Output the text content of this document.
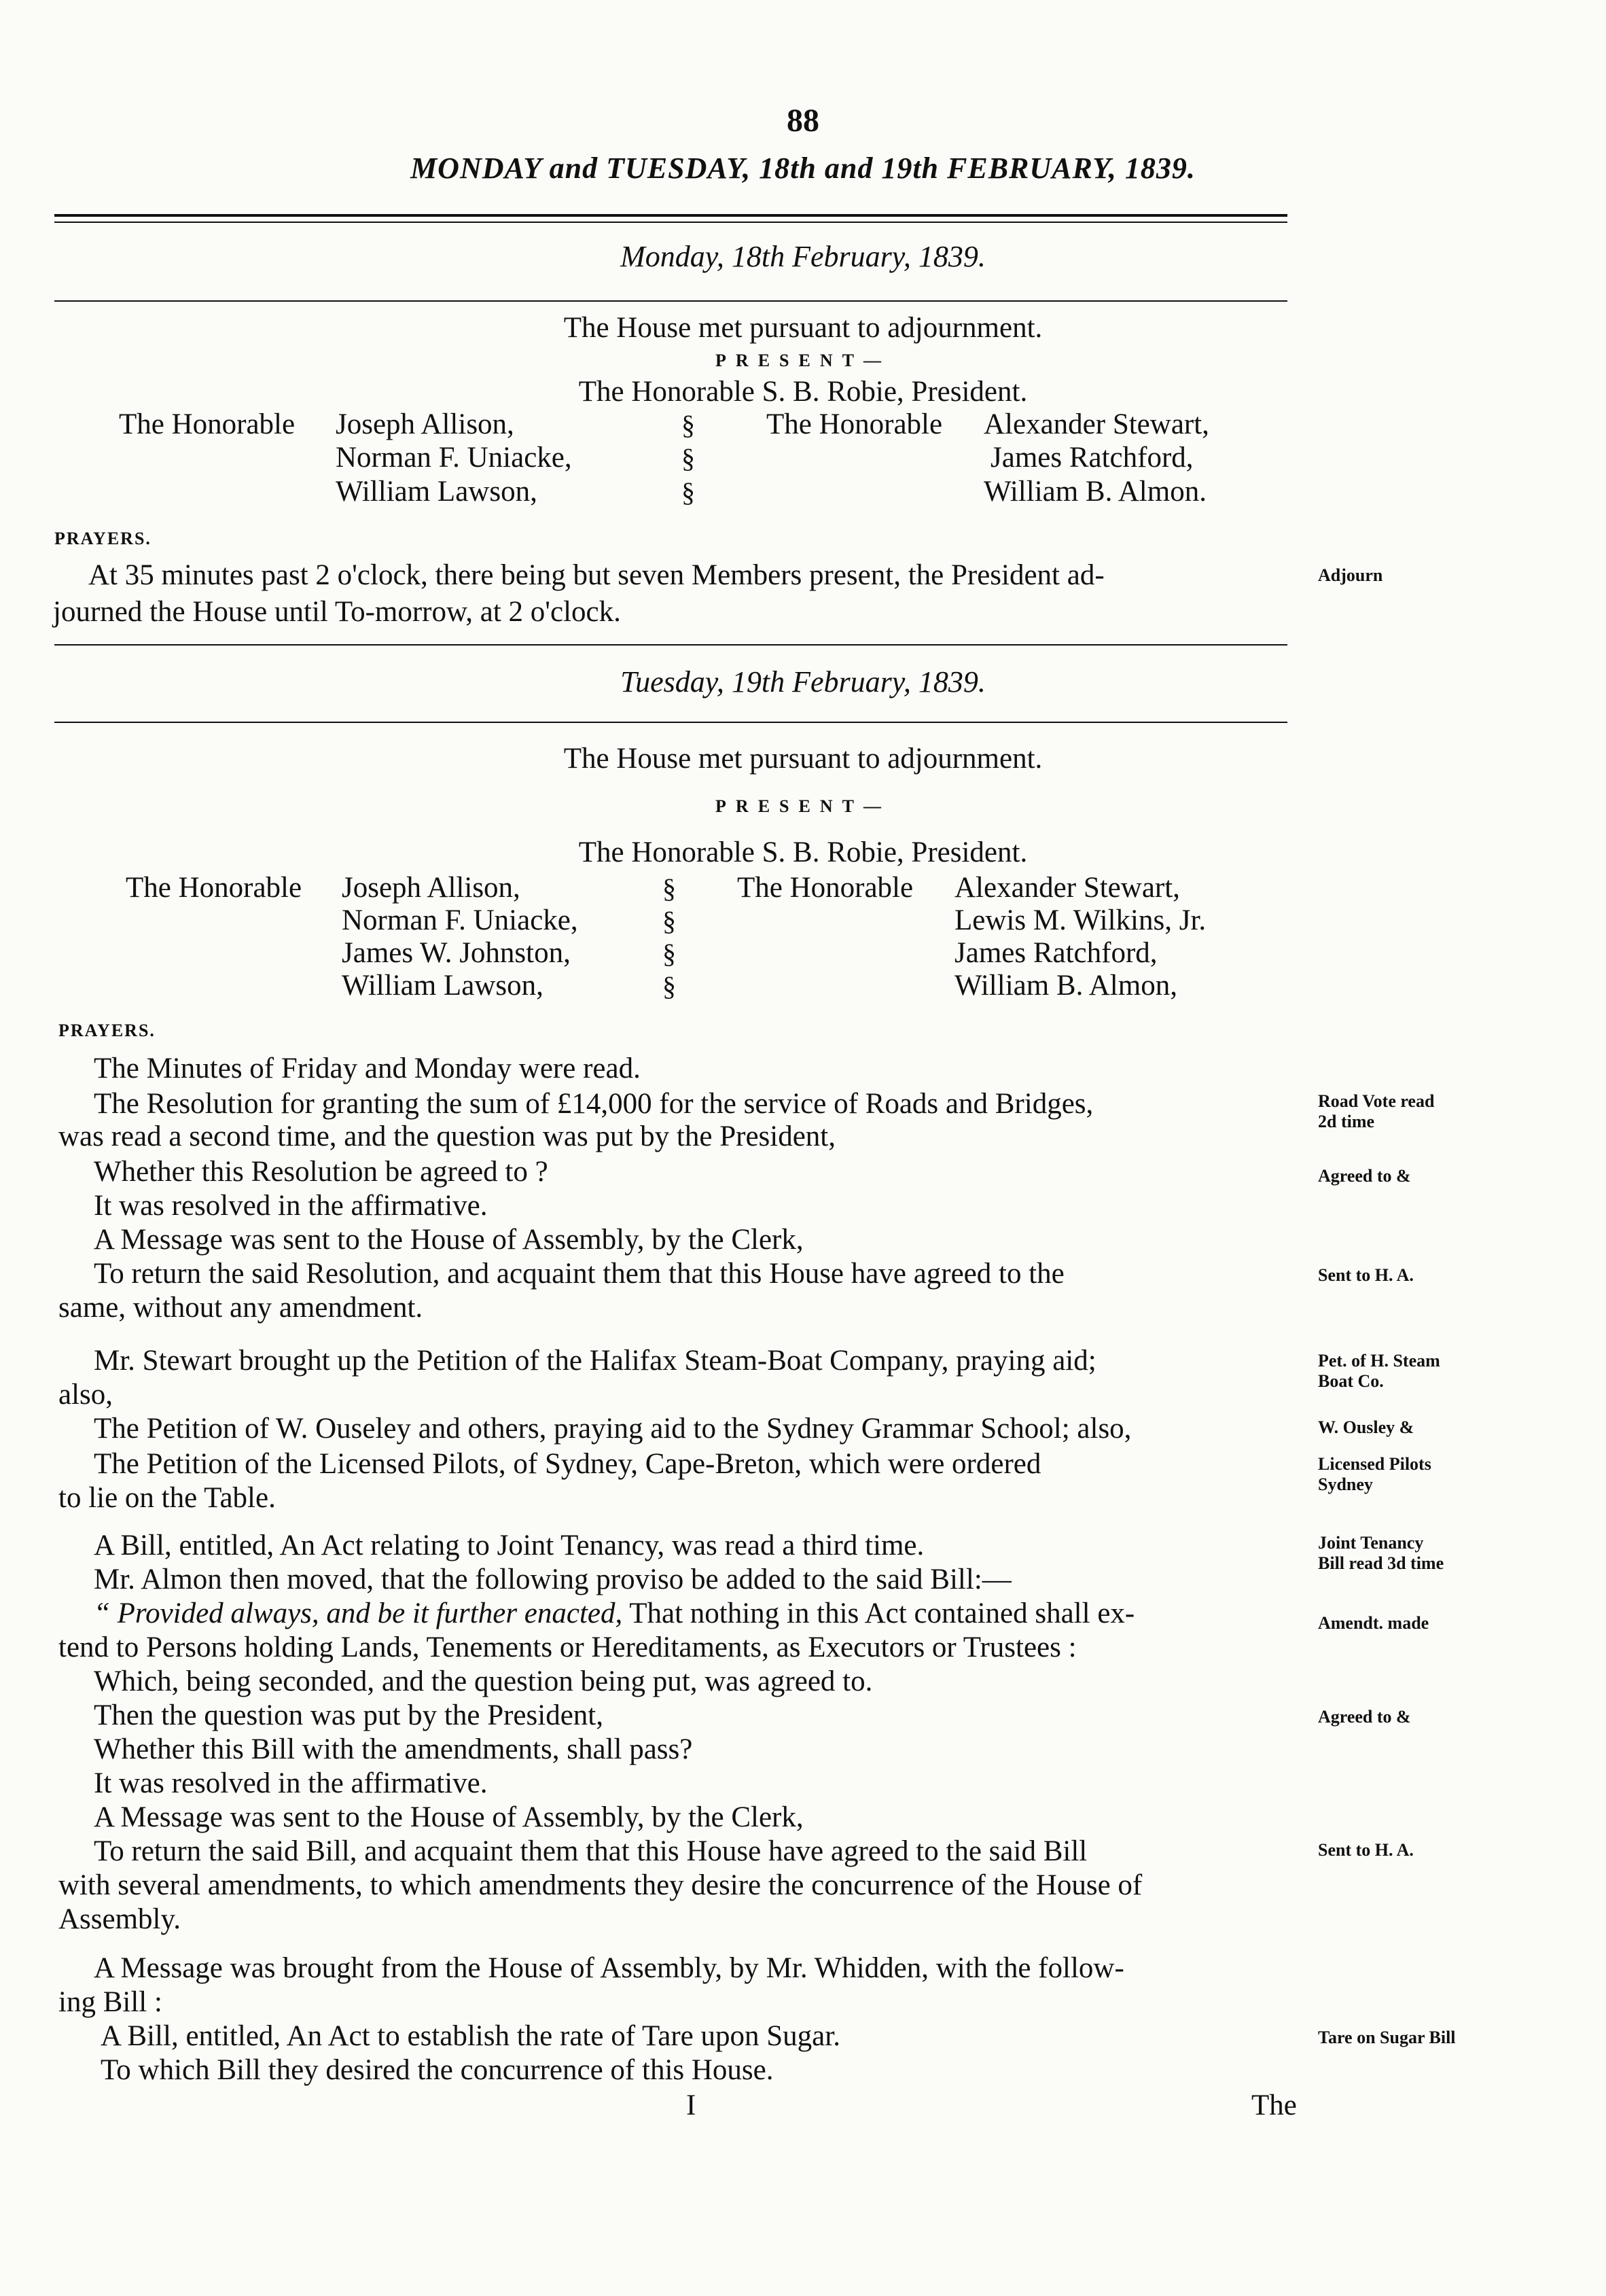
88
MONDAY and TUESDAY, 18th and 19th FEBRUARY, 1839.
Monday, 18th February, 1839.
The House met pursuant to adjournment.
PRESENT—
The Honorable S. B. Robie, President.
The Honorable Joseph Allison,
Norman F. Uniacke,
William Lawson,
§
§
§
The Honorable Alexander Stewart,
James Ratchford,
William B. Almon.
PRAYERS.
At 35 minutes past 2 o'clock, there being but seven Members present, the President ad-
journed the House until To-morrow, at 2 o'clock.
Adjourn
Tuesday, 19th February, 1839.
The House met pursuant to adjournment.
PRESENT—
The Honorable S. B. Robie, President.
The Honorable Joseph Allison,
Norman F. Uniacke,
James W. Johnston,
William Lawson,
§
§
§
§
The Honorable Alexander Stewart,
Lewis M. Wilkins, Jr.
James Ratchford,
William B. Almon,
PRAYERS.
The Minutes of Friday and Monday were read.
The Resolution for granting the sum of £14,000 for the service of Roads and Bridges,
was read a second time, and the question was put by the President,
Whether this Resolution be agreed to ?
It was resolved in the affirmative.
A Message was sent to the House of Assembly, by the Clerk,
To return the said Resolution, and acquaint them that this House have agreed to the
same, without any amendment.
Mr. Stewart brought up the Petition of the Halifax Steam-Boat Company, praying aid;
also,
The Petition of W. Ouseley and others, praying aid to the Sydney Grammar School; also,
The Petition of the Licensed Pilots, of Sydney, Cape-Breton, which were ordered
to lie on the Table.
A Bill, entitled, An Act relating to Joint Tenancy, was read a third time.
Mr. Almon then moved, that the following proviso be added to the said Bill:—
“ Provided always, and be it further enacted, That nothing in this Act contained shall ex-
tend to Persons holding Lands, Tenements or Hereditaments, as Executors or Trustees :
Which, being seconded, and the question being put, was agreed to.
Then the question was put by the President,
Whether this Bill with the amendments, shall pass?
It was resolved in the affirmative.
A Message was sent to the House of Assembly, by the Clerk,
To return the said Bill, and acquaint them that this House have agreed to the said Bill
with several amendments, to which amendments they desire the concurrence of the House of
Assembly.
A Message was brought from the House of Assembly, by Mr. Whidden, with the follow-
ing Bill :
A Bill, entitled, An Act to establish the rate of Tare upon Sugar.
To which Bill they desired the concurrence of this House.
Road Vote read
2d time
Agreed to &
Sent to H. A.
Pet. of H. Steam
Boat Co.
W. Ousley &
Licensed Pilots
Sydney
Joint Tenancy
Bill read 3d time
Amendt. made
Agreed to &
Sent to H. A.
Tare on Sugar Bill
I	The
